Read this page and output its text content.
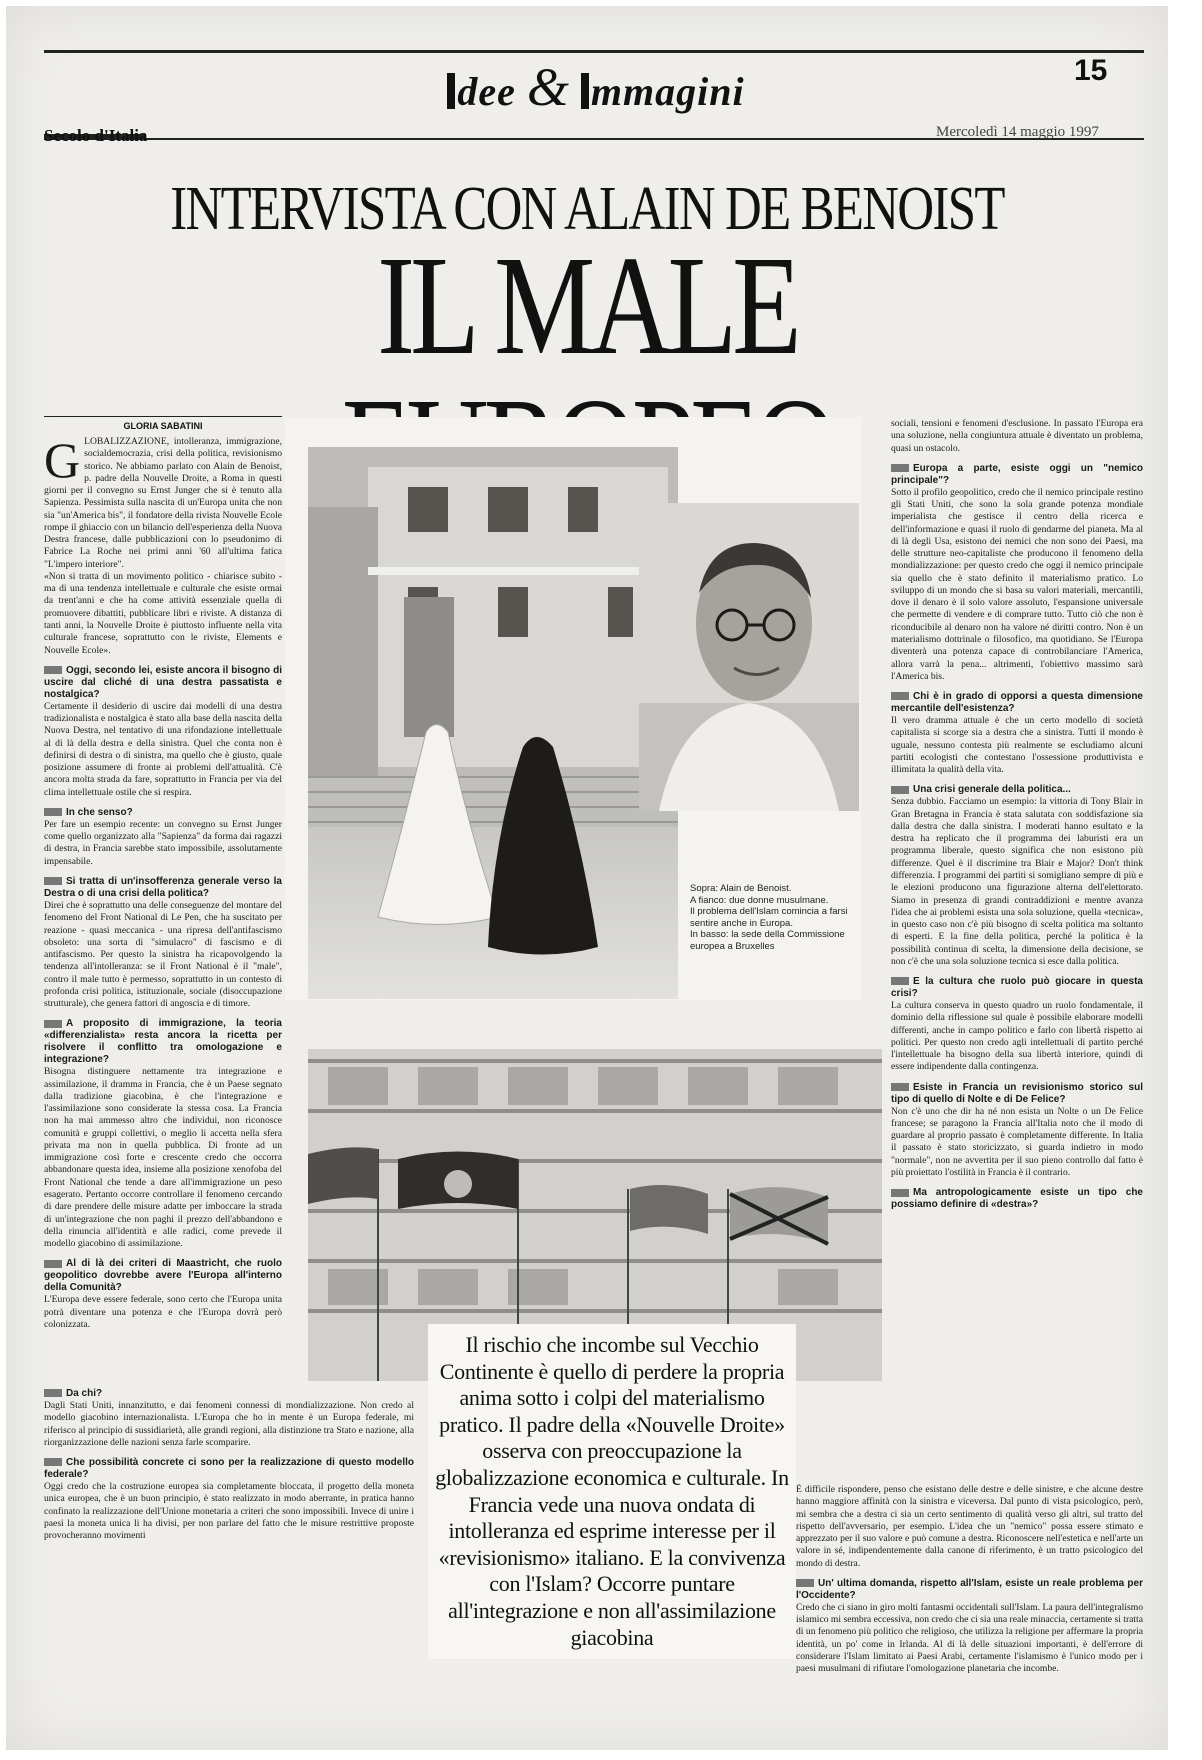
dee & mmagini	15
Secolo d'Italia	Mercoledì 14 maggio 1997
INTERVISTA CON ALAIN DE BENOIST
IL MALE
GLORIA SABATINI

GLOBALIZZAZIONE, intolleranza, immigrazione, socialdemocrazia, crisi della politica, revisionismo storico. Ne abbiamo parlato con Alain de Benoist, p. padre della Nouvelle Droite, a Roma in questi giorni per il convegno su Ernst Junger che si è tenuto alla Sapienza. Pessimista sulla nascita di un'Europa unita che non sia "un'America bis", il fondatore della rivista Nouvelle Ecole rompe il ghiaccio con un bilancio dell'esperienza della Nuova Destra francese, dalle pubblicazioni con lo pseudonimo di Fabrice La Roche nei primi anni '60 all'ultima fatica "L'impero interiore".

«Non si tratta di un movimento politico - chiarisce subito - ma di una tendenza intellettuale e culturale che esiste ormai da trent'anni e che ha come attività essenziale quella di promuovere dibattiti, pubblicare libri e riviste. A distanza di tanti anni, la Nouvelle Droite è piuttosto influente nella vita culturale francese, soprattutto con le riviste, Elements e Nouvelle Ecole».

Oggi, secondo lei, esiste ancora il bisogno di uscire dal cliché di una destra passatista e nostalgica?

Certamente il desiderio di uscire dai modelli di una destra tradizionalista e nostalgica è stato alla base della nascita della Nuova Destra, nel tentativo di una rifondazione intellettuale al di là della destra e della sinistra. Quel che conta non è definirsi di destra o di sinistra, ma quello che è giusto, quale posizione assumere di fronte ai problemi dell'attualità. C'è ancora molta strada da fare, soprattutto in Francia per via del clima intellettuale ostile che si respira.

In che senso?

Per fare un esempio recente: un convegno su Ernst Junger come quello organizzato alla "Sapienza" da forma dai ragazzi di destra, in Francia sarebbe stato impossibile, assolutamente impensabile.

Si tratta di un'insofferenza generale verso la Destra o di una crisi della politica?

Direi che è soprattutto una delle conseguenze del montare del fenomeno del Front National di Le Pen, che ha suscitato per reazione - quasi meccanica - una ripresa dell'antifascismo obsoleto: una sorta di "simulacro" di fascismo e di antifascismo. Per questo la sinistra ha ricapovolgendo la tendenza all'intolleranza: se il Front National è il "male", contro il male tutto è permesso, soprattutto in un contesto di profonda crisi politica, istituzionale, sociale (disoccupazione strutturale), che genera fattori di angoscia e di timore.

A proposito di immigrazione, la teoria «differenzialista» resta ancora la ricetta per risolvere il conflitto tra omologazione e integrazione?

Bisogna distinguere nettamente tra integrazione e assimilazione, il dramma in Francia, che è un Paese segnato dalla tradizione giacobina, è che l'integrazione e l'assimilazione sono considerate la stessa cosa. La Francia non ha mai ammesso altro che individui, non riconosce comunità e gruppi collettivi, o meglio li accetta nella sfera privata ma non in quella pubblica. Di fronte ad un immigrazione così forte e crescente credo che occorra abbandonare questa idea, insieme alla posizione xenofoba del Front National che tende a dare all'immigrazione un peso esagerato. Pertanto occorre controllare il fenomeno cercando di dare prendere delle misure adatte per imboccare la strada di un'integrazione che non paghi il prezzo dell'abbandono e della rinuncia all'identità e alle radici, come prevede il modello giacobino di assimilazione.

Al di là dei criteri di Maastricht, che ruolo geopolitico dovrebbe avere l'Europa all'interno della Comunità?

L'Europa deve essere federale, sono certo che l'Europa unita potrà diventare una potenza e che l'Europa dovrà però colonizzata.

Da chi?

Dagli Stati Uniti, innanzitutto, e dai fenomeni connessi di mondializzazione. Non credo al modello giacobino internazionalista. L'Europa che ho in mente è un Europa federale, mi riferisco al principio di sussidiarietà, alle grandi regioni, alla distinzione tra Stato e nazione, alla riorganizzazione delle nazioni senza farle scomparire.

Che possibilità concrete ci sono per la realizzazione di questo modello federale?

Oggi credo che la costruzione europea sia completamente bloccata, il progetto della moneta unica europea, che è un buon principio, è stato realizzato in modo aberrante, in pratica hanno confinato la realizzazione dell'Unione monetaria a criteri che sono impossibili. Invece di unire i paesi la moneta unica li ha divisi, per non parlare del fatto che le misure restrittive proposte provocheranno movimenti

Sopra: Alain de Benoist.
A fianco: due donne musulmane.
Il problema dell'Islam comincia a farsi sentire anche in Europa.
In basso: la sede della Commissione europea a Bruxelles
Il rischio che incombe sul Vecchio Continente è quello di perdere la propria anima sotto i colpi del materialismo pratico. Il padre della «Nouvelle Droite» osserva con preoccupazione la globalizzazione economica e culturale. In Francia vede una nuova ondata di intolleranza ed esprime interesse per il «revisionismo» italiano. E la convivenza con l'Islam? Occorre puntare all'integrazione e non all'assimilazione giacobina

sociali, tensioni e fenomeni d'esclusione. In passato l'Europa era una soluzione, nella congiuntura attuale è diventato un problema, quasi un ostacolo.

Europa a parte, esiste oggi un "nemico principale"?

Sotto il profilo geopolitico, credo che il nemico principale restino gli Stati Uniti, che sono la sola grande potenza mondiale imperialista che gestisce il centro della ricerca e dell'informazione e quasi il ruolo di gendarme del pianeta. Ma al di là degli Usa, esistono dei nemici che non sono dei Paesi, ma delle strutture neo-capitaliste che producono il fenomeno della mondializzazione: per questo credo che oggi il nemico principale sia quello che è stato definito il materialismo pratico. Lo sviluppo di un mondo che si basa su valori materiali, mercantili, dove il denaro è il solo valore assoluto, l'espansione universale che permette di vendere e di comprare tutto. Tutto ciò che non è riconducibile al denaro non ha valore né diritti contro. Non è un materialismo dottrinale o filosofico, ma quotidiano. Se l'Europa diventerà una potenza capace di controbilanciare l'America, allora varrà la pena... altrimenti, l'obiettivo massimo sarà l'America bis.

Chi è in grado di opporsi a questa dimensione mercantile dell'esistenza?

Il vero dramma attuale è che un certo modello di società capitalista si scorge sia a destra che a sinistra. Tutti il mondo è uguale, nessuno contesta più realmente se escludiamo alcuni partiti ecologisti che contestano l'ossessione produttivista e illimitata la qualità della vita.

Una crisi generale della politica...

Senza dubbio. Facciamo un esempio: la vittoria di Tony Blair in Gran Bretagna in Francia è stata salutata con soddisfazione sia dalla destra che dalla sinistra. I moderati hanno esultato e la destra ha replicato che il programma dei laburisti era un programma liberale, questo significa che non esistono più differenze. Quel è il discrimine tra Blair e Major? Don't think differenzia. I programmi dei partiti si somigliano sempre di più e le elezioni producono una figurazione alterna dell'elettorato. Siamo in presenza di grandi contraddizioni e mentre avanza l'idea che ai problemi esista una sola soluzione, quella «tecnica», in questo caso non c'è più bisogno di scelta politica ma soltanto di esperti. E la fine della politica, perché la politica è la possibilità continua di scelta, la dimensione della decisione, se non c'è che una sola soluzione tecnica si esce dalla politica.

E la cultura che ruolo può giocare in questa crisi?

La cultura conserva in questo quadro un ruolo fondamentale, il dominio della riflessione sul quale è possibile elaborare modelli differenti, anche in campo politico e farlo con libertà rispetto ai politici. Per questo non credo agli intellettuali di partito perché l'intellettuale ha bisogno della sua libertà interiore, quindi di essere indipendente dalla contingenza.

Esiste in Francia un revisionismo storico sul tipo di quello di Nolte e di De Felice?

Non c'è uno che dir ha né non esista un Nolte o un De Felice francese; se paragono la Francia all'Italia noto che il modo di guardare al proprio passato è completamente differente. In Italia il passato è stato storicizzato, si guarda indietro in modo "normale", non ne avvertita per il suo pieno controllo dal fatto è più proiettato l'ostilità in Francia è il contrario.

Ma antropologicamente esiste un tipo che possiamo definire di «destra»?

È difficile rispondere, penso che esistano delle destre e delle sinistre, e che alcune destre hanno maggiore affinità con la sinistra e viceversa. Dal punto di vista psicologico, però, mi sembra che a destra ci sia un certo sentimento di qualità verso gli altri, sul tratto del rispetto dell'avversario, per esempio. L'idea che un "nemico" possa essere stimato e apprezzato per il suo valore e può comune a destra. Riconoscere nell'estetica e nell'arte un valore in sé, indipendentemente dalla canone di riferimento, è un tratto psicologico del mondo di destra.

Un' ultima domanda, rispetto all'Islam, esiste un reale problema per l'Occidente?

Credo che ci siano in giro molti fantasmi occidentali sull'Islam. La paura dell'integralismo islamico mi sembra eccessiva, non credo che ci sia una reale minaccia, certamente si tratta di un fenomeno più politico che religioso, che utilizza la religione per affermare la propria identità, un po' come in Irlanda. Al di là delle situazioni importanti, è dell'errore di considerare l'Islam limitato ai Paesi Arabi, certamente l'islamismo è l'unico modo per i paesi musulmani di rifiutare l'omologazione planetaria che incombe.
